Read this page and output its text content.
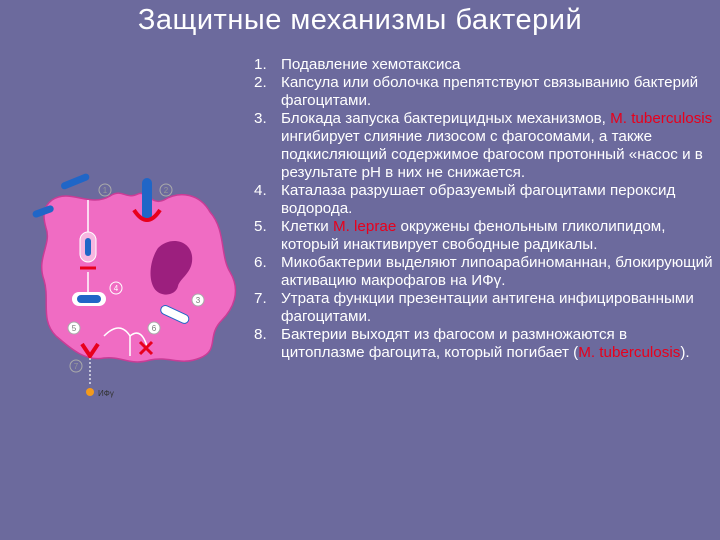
Защитные механизмы бактерий
1	2
3
4
5	6
7
ИФγ
1. Подавление хемотаксиса
2. Капсула или оболочка препятствуют связыванию бактерий фагоцитами.
3. Блокада запуска бактерицидных механизмов, M. tuberculosis ингибирует слияние лизосом с фагосомами, а также подкисляющий содержимое фагосом протонный «насос и в результате pH в них не снижается.
4. Каталаза разрушает образуемый фагоцитами пероксид водорода.
5. Клетки M. leprae окружены фенольным гликолипидом, который инактивирует свободные радикалы.
6. Микобактерии выделяют липоарабиноманнан, блокирующий активацию макрофагов на ИФγ.
7. Утрата функции презентации антигена инфицированными фагоцитами.
8. Бактерии выходят из фагосом и размножаются в цитоплазме фагоцита, который погибает (M. tuberculosis).
